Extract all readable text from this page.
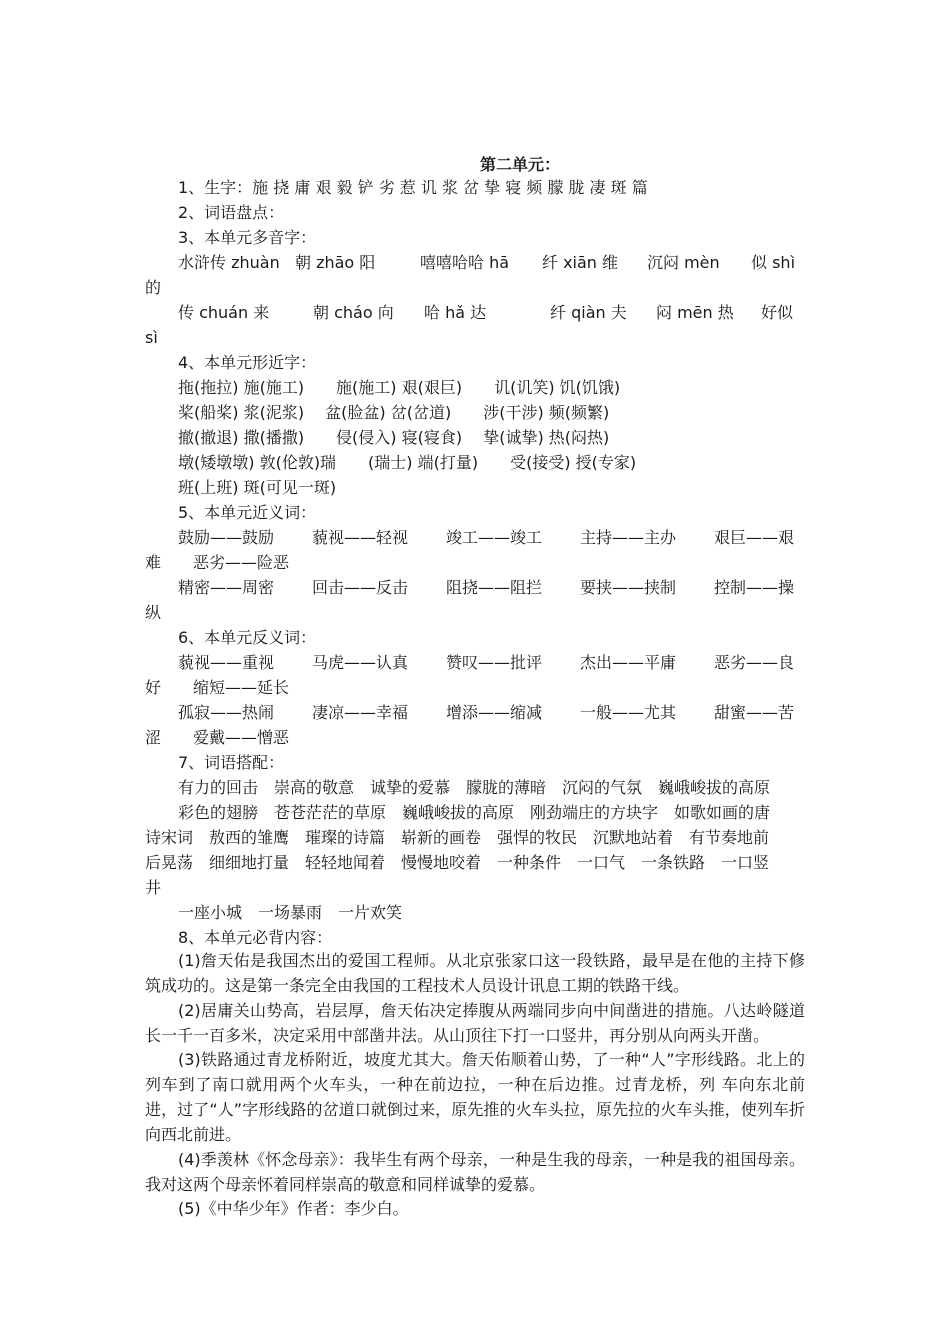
第二单元：
1、生字：施 挠 庸 艰 毅 铲 劣 惹 讥 浆 岔 挚 寝 频 朦 胧 凄 斑 篇
2、词语盘点：
3、本单元多音字：
水浒传 zhuàn 朝 zhāo 阳	嘻嘻哈哈 hā 纤 xiān 维 沉闷 mèn 似 shì
的
传 chuán 来	朝 cháo 向 哈 hǎ 达	纤 qiàn 夫 闷 mēn 热 好似
sì
4、本单元形近字：
拖(拖拉) 施(施工)　　施(施工) 艰(艰巨)　　讥(讥笑) 饥(饥饿)
桨(船桨) 浆(泥浆)　 盆(脸盆) 岔(岔道)　　涉(干涉) 频(频繁)
撤(撤退) 撒(播撒)　　侵(侵入) 寝(寝食)　 挚(诚挚) 热(闷热)
墩(矮墩墩) 敦(伦敦)瑞　　(瑞士) 端(打量)　　受(接受) 授(专家)
班(上班) 斑(可见一斑)
5、本单元近义词：
鼓励——鼓励 藐视——轻视 竣工——竣工 主持——主办 艰巨——艰
难　　恶劣——险恶
精密——周密 回击——反击 阻挠——阻拦 要挟——挟制 控制——操
纵
6、本单元反义词：
藐视——重视 马虎——认真 赞叹——批评 杰出——平庸 恶劣——良
好　　缩短——延长
孤寂——热闹 凄凉——幸福 增添——缩减 一般——尤其 甜蜜——苦
涩　　爱戴——憎恶
7、词语搭配：
有力的回击　崇高的敬意　诚挚的爱慕　朦胧的薄暗　沉闷的气氛　巍峨峻拔的高原
彩色的翅膀　苍苍茫茫的草原　巍峨峻拔的高原　刚劲端庄的方块字　如歌如画的唐
诗宋词　敖西的雏鹰　璀璨的诗篇　崭新的画卷　强悍的牧民　沉默地站着　有节奏地前
后晃荡　细细地打量　轻轻地闻着　慢慢地咬着　一种条件　一口气　一条铁路　一口竖
井
一座小城　一场暴雨　一片欢笑
8、本单元必背内容：
(1)詹天佑是我国杰出的爱国工程师。从北京张家口这一段铁路，最早是在他的主持下修筑成功的。这是第一条完全由我国的工程技术人员设计讯息工期的铁路干线。
(2)居庸关山势高，岩层厚，詹天佑决定捧腹从两端同步向中间凿进的措施。八达岭隧道长一千一百多米，决定采用中部凿井法。从山顶往下打一口竖井，再分别从向两头开凿。
(3)铁路通过青龙桥附近，坡度尤其大。詹天佑顺着山势，了一种“人”字形线路。北上的列车到了南口就用两个火车头，一种在前边拉，一种在后边推。过青龙桥，列 车向东北前进，过了“人”字形线路的岔道口就倒过来，原先推的火车头拉，原先拉的火车头推，使列车折向西北前进。
(4)季羡林《怀念母亲》：我毕生有两个母亲，一种是生我的母亲，一种是我的祖国母亲。我对这两个母亲怀着同样崇高的敬意和同样诚挚的爱慕。
(5)《中华少年》作者：李少白。
